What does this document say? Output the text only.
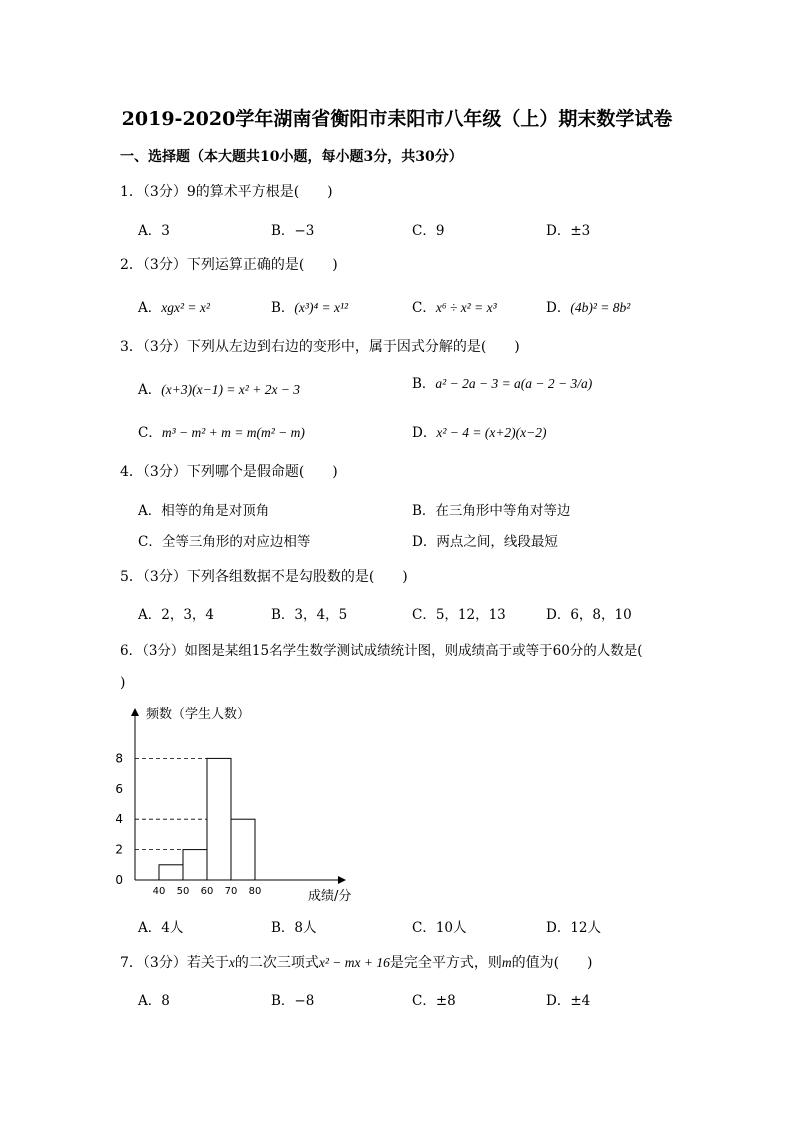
2019-2020学年湖南省衡阳市耒阳市八年级（上）期末数学试卷
一、选择题（本大题共10小题，每小题3分，共30分）
1．（3分）9的算术平方根是(　　)
A．3	B．−3	C．9	D．±3
2．（3分）下列运算正确的是(　　)
A．xgx² = x²	B．(x³)⁴ = x¹²	C．x⁶ ÷ x² = x³	D．(4b)² = 8b²
3．（3分）下列从左边到右边的变形中，属于因式分解的是(　　)
A．(x+3)(x−1) = x² + 2x − 3	B．a² − 2a − 3 = a(a − 2 − 3/a)
C．m³ − m² + m = m(m² − m)	D．x² − 4 = (x+2)(x−2)
4．（3分）下列哪个是假命题(　　)
A．相等的角是对顶角	B．在三角形中等角对等边
C．全等三角形的对应边相等	D．两点之间，线段最短
5．（3分）下列各组数据不是勾股数的是(　　)
A．2，3，4	B．3，4，5	C．5，12，13	D．6，8，10
6．（3分）如图是某组15名学生数学测试成绩统计图，则成绩高于或等于60分的人数是(
)
0
2
4
6
8
40 50 60 70 80
频数（学生人数）
成绩/分
A．4人	B．8人	C．10人	D．12人
7．（3分）若关于x的二次三项式x² − mx + 16是完全平方式，则m的值为(　　)
A．8	B．−8	C．±8	D．±4
